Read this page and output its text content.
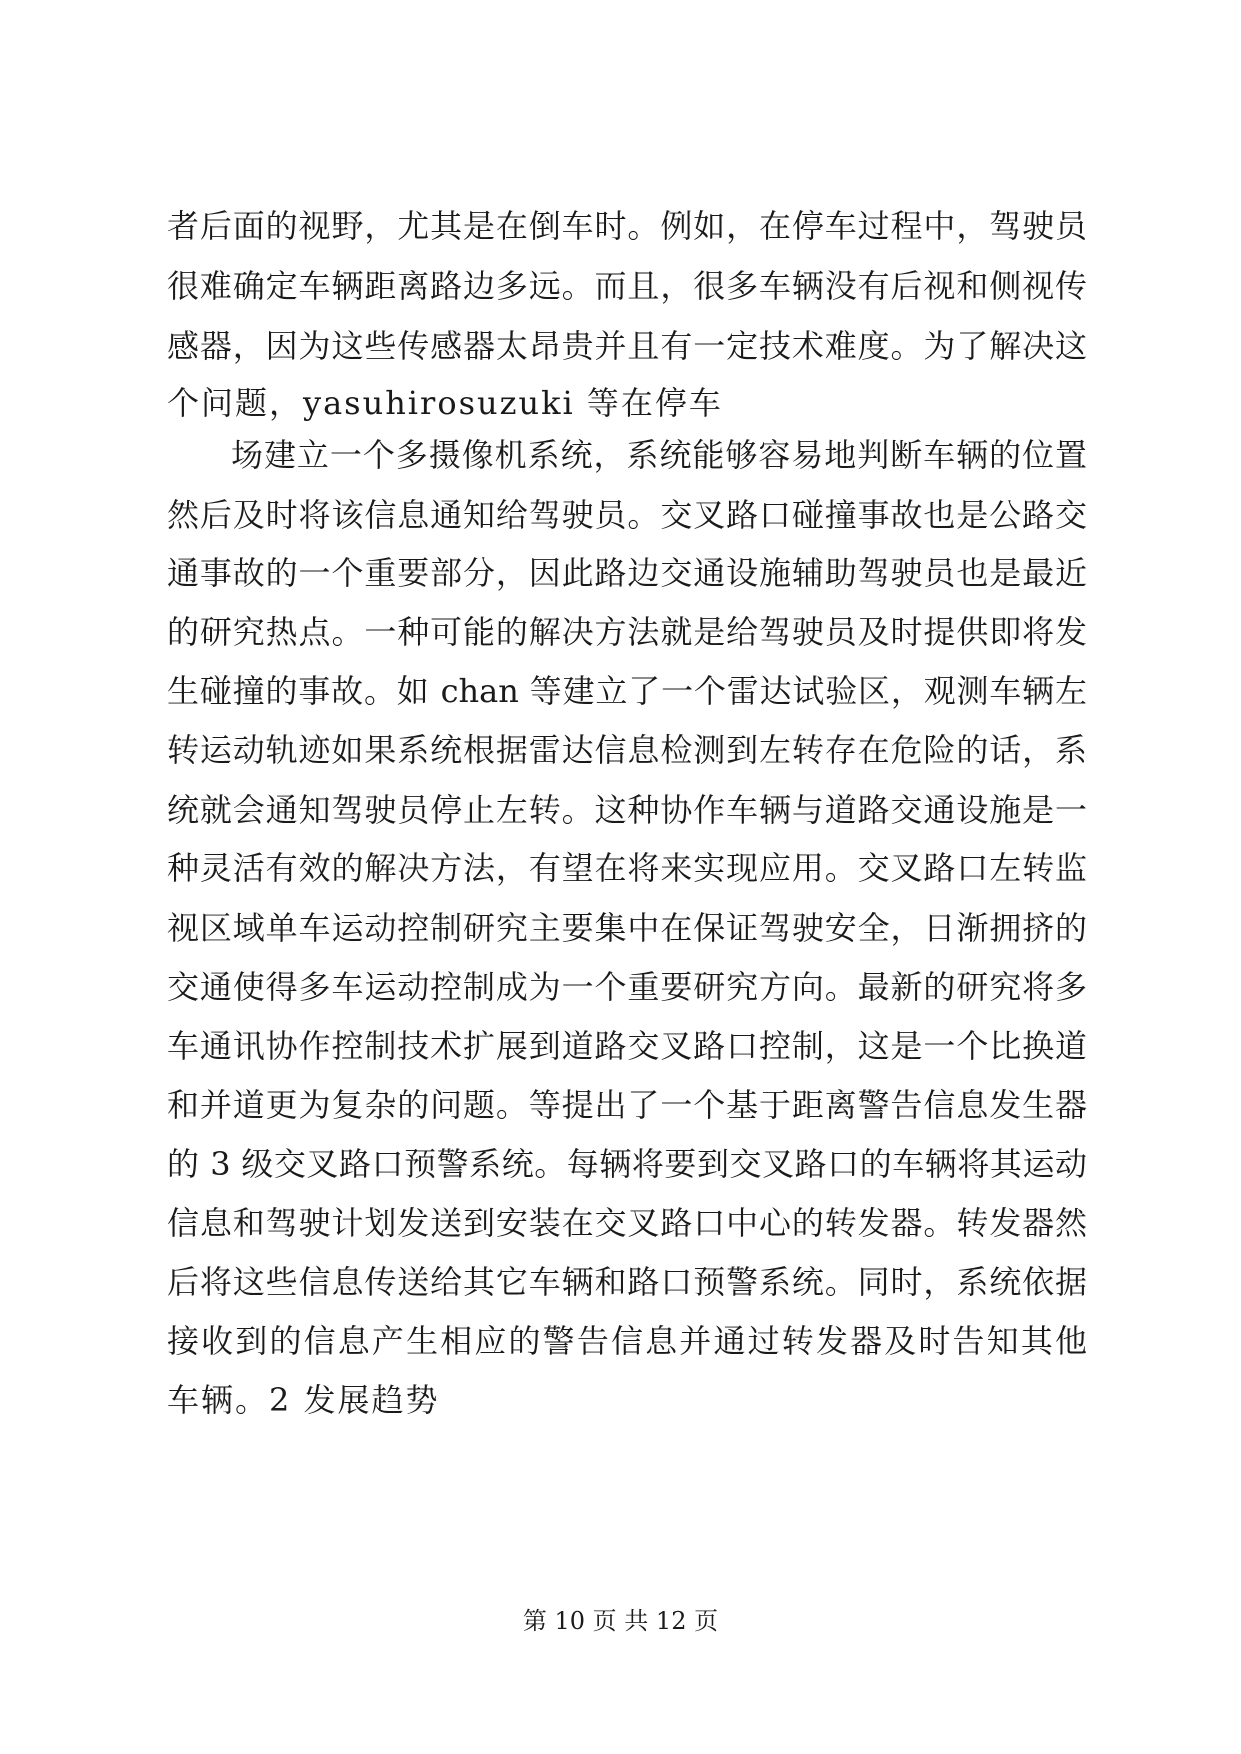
者后面的视野，尤其是在倒车时。例如，在停车过程中，驾驶员
很难确定车辆距离路边多远。而且，很多车辆没有后视和侧视传
感器，因为这些传感器太昂贵并且有一定技术难度。为了解决这
个问题，yasuhirosuzuki 等在停车
场建立一个多摄像机系统，系统能够容易地判断车辆的位置
然后及时将该信息通知给驾驶员。交叉路口碰撞事故也是公路交
通事故的一个重要部分，因此路边交通设施辅助驾驶员也是最近
的研究热点。一种可能的解决方法就是给驾驶员及时提供即将发
生碰撞的事故。如 chan 等建立了一个雷达试验区，观测车辆左
转运动轨迹如果系统根据雷达信息检测到左转存在危险的话，系
统就会通知驾驶员停止左转。这种协作车辆与道路交通设施是一
种灵活有效的解决方法，有望在将来实现应用。交叉路口左转监
视区域单车运动控制研究主要集中在保证驾驶安全，日渐拥挤的
交通使得多车运动控制成为一个重要研究方向。最新的研究将多
车通讯协作控制技术扩展到道路交叉路口控制，这是一个比换道
和并道更为复杂的问题。等提出了一个基于距离警告信息发生器
的 3 级交叉路口预警系统。每辆将要到交叉路口的车辆将其运动
信息和驾驶计划发送到安装在交叉路口中心的转发器。转发器然
后将这些信息传送给其它车辆和路口预警系统。同时，系统依据
接收到的信息产生相应的警告信息并通过转发器及时告知其他
车辆。2 发展趋势
第 10 页 共 12 页
